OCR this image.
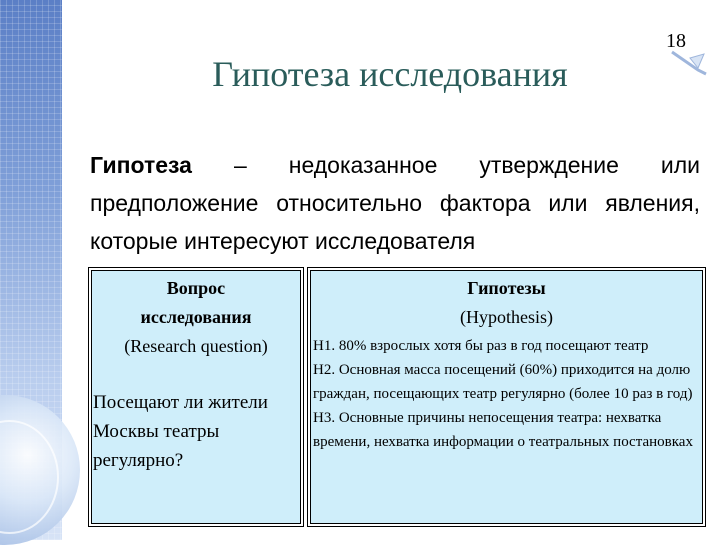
18
Гипотеза исследования
Гипотеза – недоказанное утверждение или предположение относительно фактора или явления, которые интересуют исследователя
Вопрос
исследования
(Research question)
Посещают ли жители Москвы театры регулярно?
Гипотезы
(Hypothesis)
H1. 80% взрослых хотя бы раз в год посещают театр
H2. Основная масса посещений (60%) приходится на долю граждан, посещающих театр регулярно (более 10 раз в год)
H3. Основные причины непосещения театра: нехватка времени, нехватка информации о театральных постановках
